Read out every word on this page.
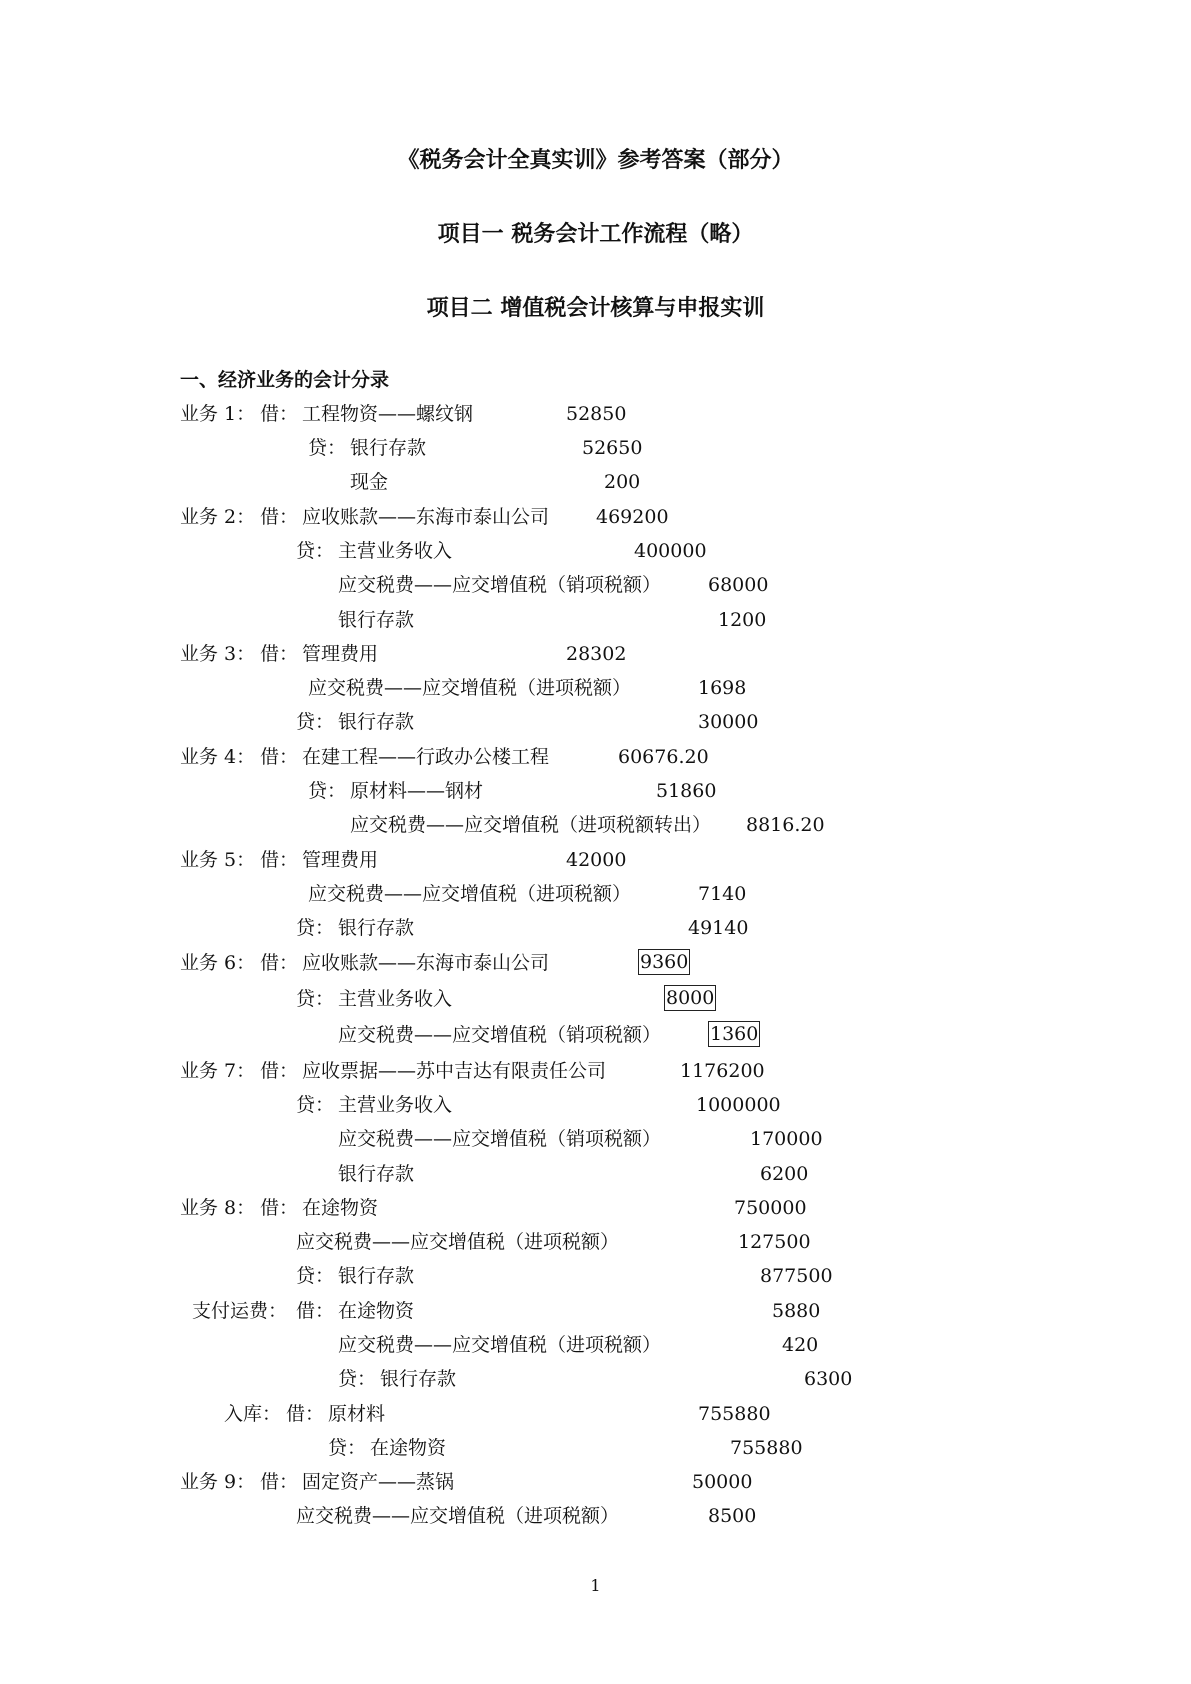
《税务会计全真实训》参考答案（部分）
项目一 税务会计工作流程（略）
项目二 增值税会计核算与申报实训
一、经济业务的会计分录
业务 1： 借： 工程物资——螺纹钢	52850
贷： 银行存款	52650
现金	200
业务 2： 借： 应收账款——东海市泰山公司 469200
贷： 主营业务收入	400000
应交税费——应交增值税（销项税额） 68000
银行存款	1200
业务 3： 借： 管理费用	28302
应交税费——应交增值税（进项税额）	1698
贷： 银行存款	30000
业务 4： 借： 在建工程——行政办公楼工程	60676.20
贷： 原材料——钢材	51860
应交税费——应交增值税（进项税额转出） 8816.20
业务 5： 借： 管理费用	42000
应交税费——应交增值税（进项税额）	7140
贷： 银行存款	49140
业务 6： 借： 应收账款——东海市泰山公司	9360
贷： 主营业务收入	8000
应交税费——应交增值税（销项税额）	1360
业务 7： 借： 应收票据——苏中吉达有限责任公司	1176200
贷： 主营业务收入	1000000
应交税费——应交增值税（销项税额）	170000
银行存款	6200
业务 8： 借： 在途物资	750000
应交税费——应交增值税（进项税额）	127500
贷： 银行存款	877500
支付运费： 借： 在途物资	5880
应交税费——应交增值税（进项税额）	420
贷： 银行存款	6300
入库： 借： 原材料	755880
贷： 在途物资	755880
业务 9： 借： 固定资产——蒸锅	50000
应交税费——应交增值税（进项税额）	8500
1
